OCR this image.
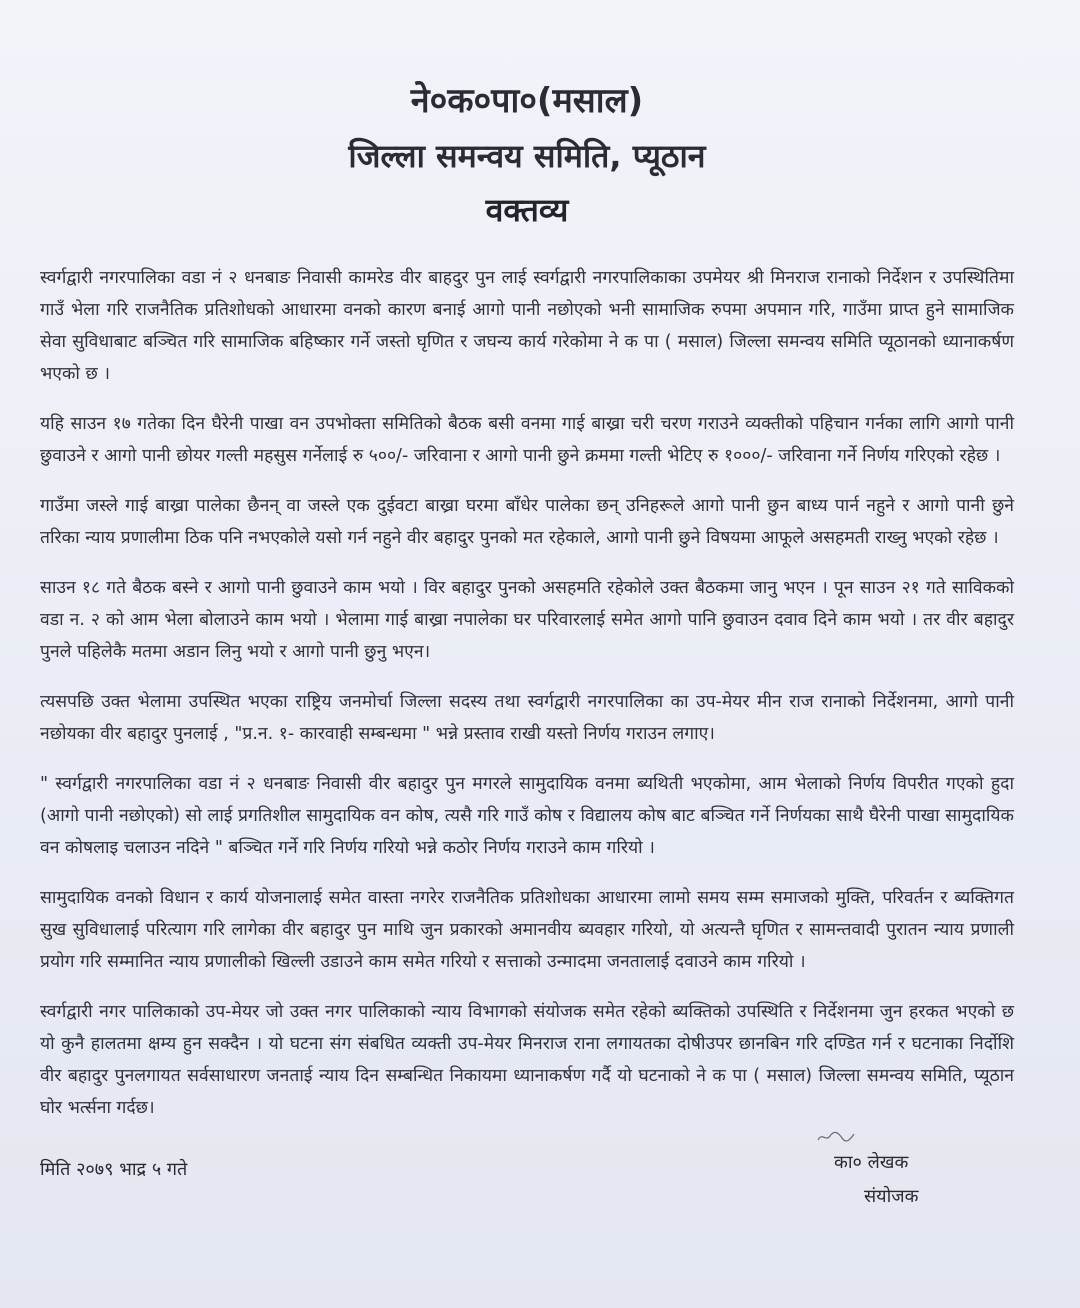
ने०क०पा०(मसाल)

जिल्ला समन्वय समिति, प्यूठान

वक्तव्य

स्वर्गद्वारी नगरपालिका वडा नं २ धनबाङ निवासी कामरेड वीर बाहदुर पुन लाई स्वर्गद्वारी नगरपालिकाका उपमेयर श्री मिनराज रानाको निर्देशन र उपस्थितिमा गाउँ भेला गरि राजनैतिक प्रतिशोधको आधारमा वनको कारण बनाई आगो पानी नछोएको भनी सामाजिक रुपमा अपमान गरि, गाउँमा प्राप्त हुने सामाजिक सेवा सुविधाबाट बञ्चित गरि सामाजिक बहिष्कार गर्ने जस्तो घृणित र जघन्य कार्य गरेकोमा ने क पा ( मसाल) जिल्ला समन्वय समिति प्यूठानको ध्यानाकर्षण भएको छ ।

यहि साउन १७ गतेका दिन घैरेनी पाखा वन उपभोक्ता समितिको बैठक बसी वनमा गाई बाख्रा चरी चरण गराउने व्यक्तीको पहिचान गर्नका लागि आगो पानी छुवाउने र आगो पानी छोयर गल्ती महसुस गर्नेलाई रु ५००/- जरिवाना र आगो पानी छुने क्रममा गल्ती भेटिए रु १०००/- जरिवाना गर्ने निर्णय गरिएको रहेछ ।

गाउँमा जस्ले गाई बाख्रा पालेका छैनन् वा जस्ले एक दुईवटा बाख्रा घरमा बाँधेर पालेका छन् उनिहरूले आगो पानी छुन बाध्य पार्न नहुने र आगो पानी छुने तरिका न्याय प्रणालीमा ठिक पनि नभएकोले यसो गर्न नहुने वीर बहादुर पुनको मत रहेकाले, आगो पानी छुने विषयमा आफूले असहमती राख्नु भएको रहेछ ।

साउन १८ गते बैठक बस्ने र आगो पानी छुवाउने काम भयो । विर बहादुर पुनको असहमति रहेकोले उक्त बैठकमा जानु भएन । पून साउन २१ गते साविकको वडा न. २ को आम भेला बोलाउने काम भयो । भेलामा गाई बाख्रा नपालेका घर परिवारलाई समेत आगो पानि छुवाउन दवाव दिने काम भयो । तर वीर बहादुर पुनले पहिलेकै मतमा अडान लिनु भयो र आगो पानी छुनु भएन।

त्यसपछि उक्त भेलामा उपस्थित भएका राष्ट्रिय जनमोर्चा जिल्ला सदस्य तथा स्वर्गद्वारी नगरपालिका का उप-मेयर मीन राज रानाको निर्देशनमा, आगो पानी नछोयका वीर बहादुर पुनलाई , "प्र.न. १- कारवाही सम्बन्धमा " भन्ने प्रस्ताव राखी यस्तो निर्णय गराउन लगाए।

" स्वर्गद्वारी नगरपालिका वडा नं २ धनबाङ निवासी वीर बहादुर पुन मगरले सामुदायिक वनमा ब्यथिती भएकोमा, आम भेलाको निर्णय विपरीत गएको हुदा (आगो पानी नछोएको) सो लाई प्रगतिशील सामुदायिक वन कोष, त्यसै गरि गाउँ कोष र विद्यालय कोष बाट बञ्चित गर्ने निर्णयका साथै घैरेनी पाखा सामुदायिक वन कोषलाइ चलाउन नदिने " बञ्चित गर्ने गरि निर्णय गरियो भन्ने कठोर निर्णय गराउने काम गरियो ।

सामुदायिक वनको विधान र कार्य योजनालाई समेत वास्ता नगरेर राजनैतिक प्रतिशोधका आधारमा लामो समय सम्म समाजको मुक्ति, परिवर्तन र ब्यक्तिगत सुख सुविधालाई परित्याग गरि लागेका वीर बहादुर पुन माथि जुन प्रकारको अमानवीय ब्यवहार गरियो, यो अत्यन्तै घृणित र सामन्तवादी पुरातन न्याय प्रणाली प्रयोग गरि सम्मानित न्याय प्रणालीको खिल्ली उडाउने काम समेत गरियो र सत्ताको उन्मादमा जनतालाई दवाउने काम गरियो ।

स्वर्गद्वारी नगर पालिकाको उप-मेयर जो उक्त नगर पालिकाको न्याय विभागको संयोजक समेत रहेको ब्यक्तिको उपस्थिति र निर्देशनमा जुन हरकत भएको छ यो कुनै हालतमा क्षम्य हुन सक्दैन । यो घटना संग संबधित व्यक्ती उप-मेयर मिनराज राना लगायतका दोषीउपर छानबिन गरि दण्डित गर्न र घटनाका निर्दोशि वीर बहादुर पुनलगायत सर्वसाधारण जनताई न्याय दिन सम्बन्धित निकायमा ध्यानाकर्षण गर्दै यो घटनाको ने क पा ( मसाल) जिल्ला समन्वय समिति, प्यूठान घोर भर्त्सना गर्दछ।

मिति २०७९ भाद्र ५ गते	का० लेखक
संयोजक
